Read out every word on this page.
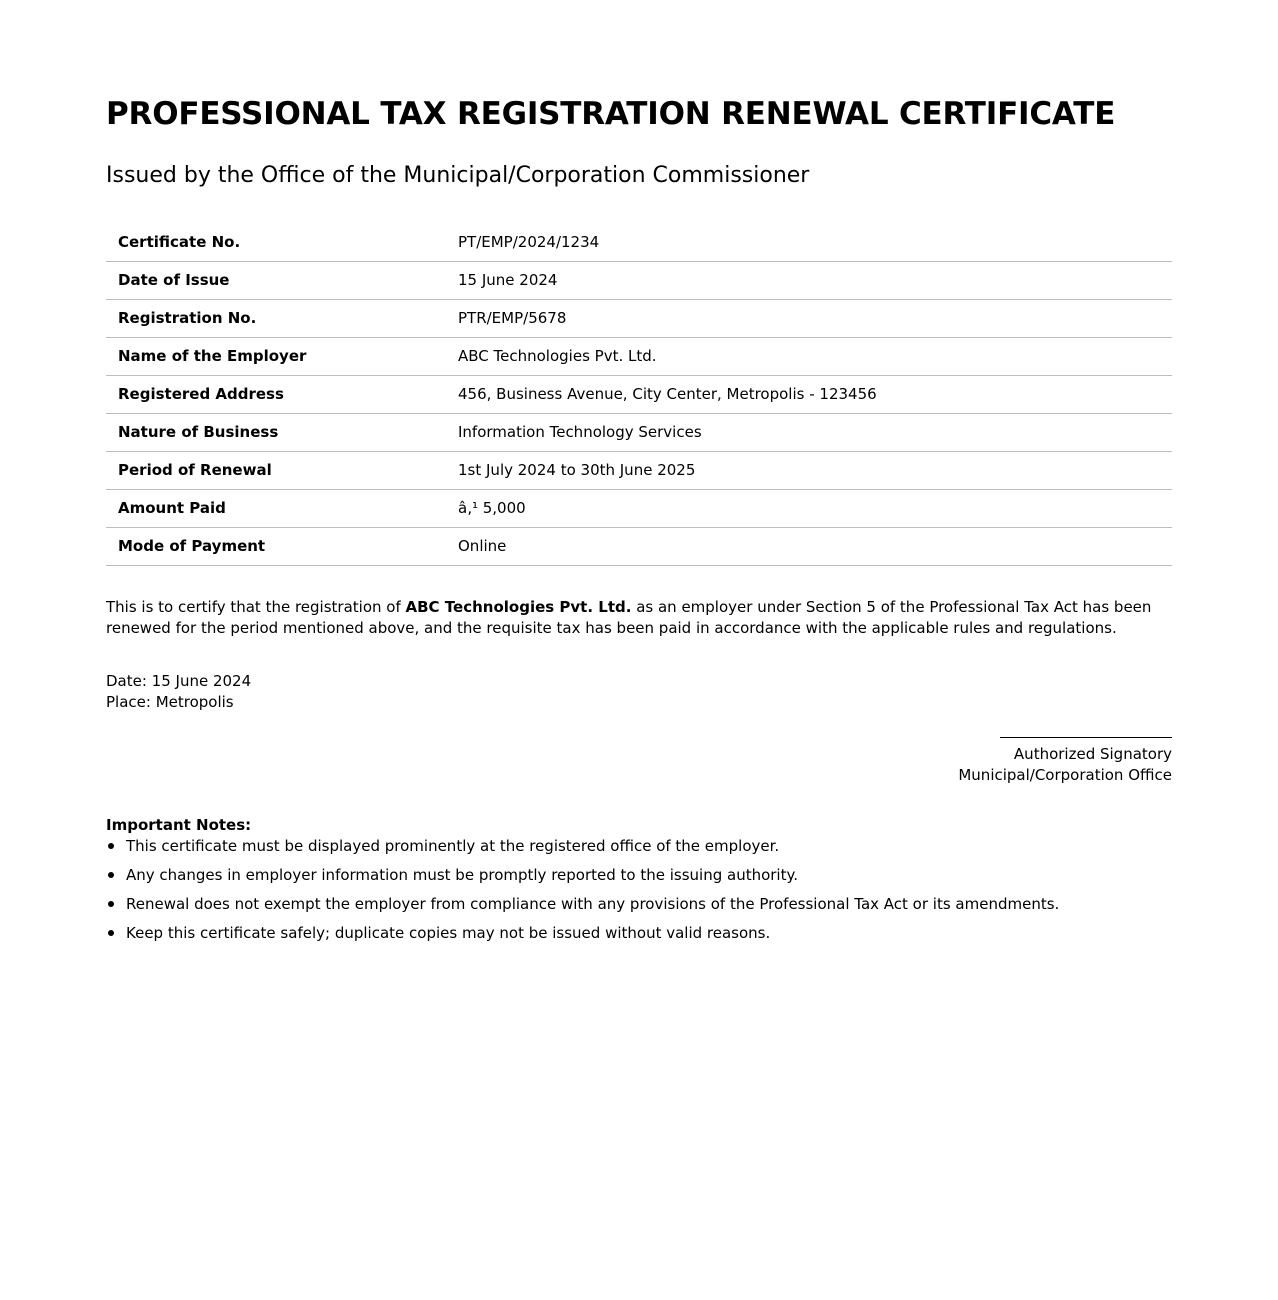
PROFESSIONAL TAX REGISTRATION RENEWAL CERTIFICATE
Issued by the Office of the Municipal/Corporation Commissioner
Certificate No.	PT/EMP/2024/1234
Date of Issue	15 June 2024
Registration No.	PTR/EMP/5678
Name of the Employer	ABC Technologies Pvt. Ltd.
Registered Address	456, Business Avenue, City Center, Metropolis - 123456
Nature of Business	Information Technology Services
Period of Renewal	1st July 2024 to 30th June 2025
Amount Paid	â‚¹ 5,000
Mode of Payment	Online

This is to certify that the registration of ABC Technologies Pvt. Ltd. as an employer under Section 5 of the Professional Tax Act has been renewed for the period mentioned above, and the requisite tax has been paid in accordance with the applicable rules and regulations.

Date: 15 June 2024
Place: Metropolis
Authorized Signatory
Municipal/Corporation Office
Important Notes:
This certificate must be displayed prominently at the registered office of the employer.
Any changes in employer information must be promptly reported to the issuing authority.
Renewal does not exempt the employer from compliance with any provisions of the Professional Tax Act or its amendments.
Keep this certificate safely; duplicate copies may not be issued without valid reasons.
